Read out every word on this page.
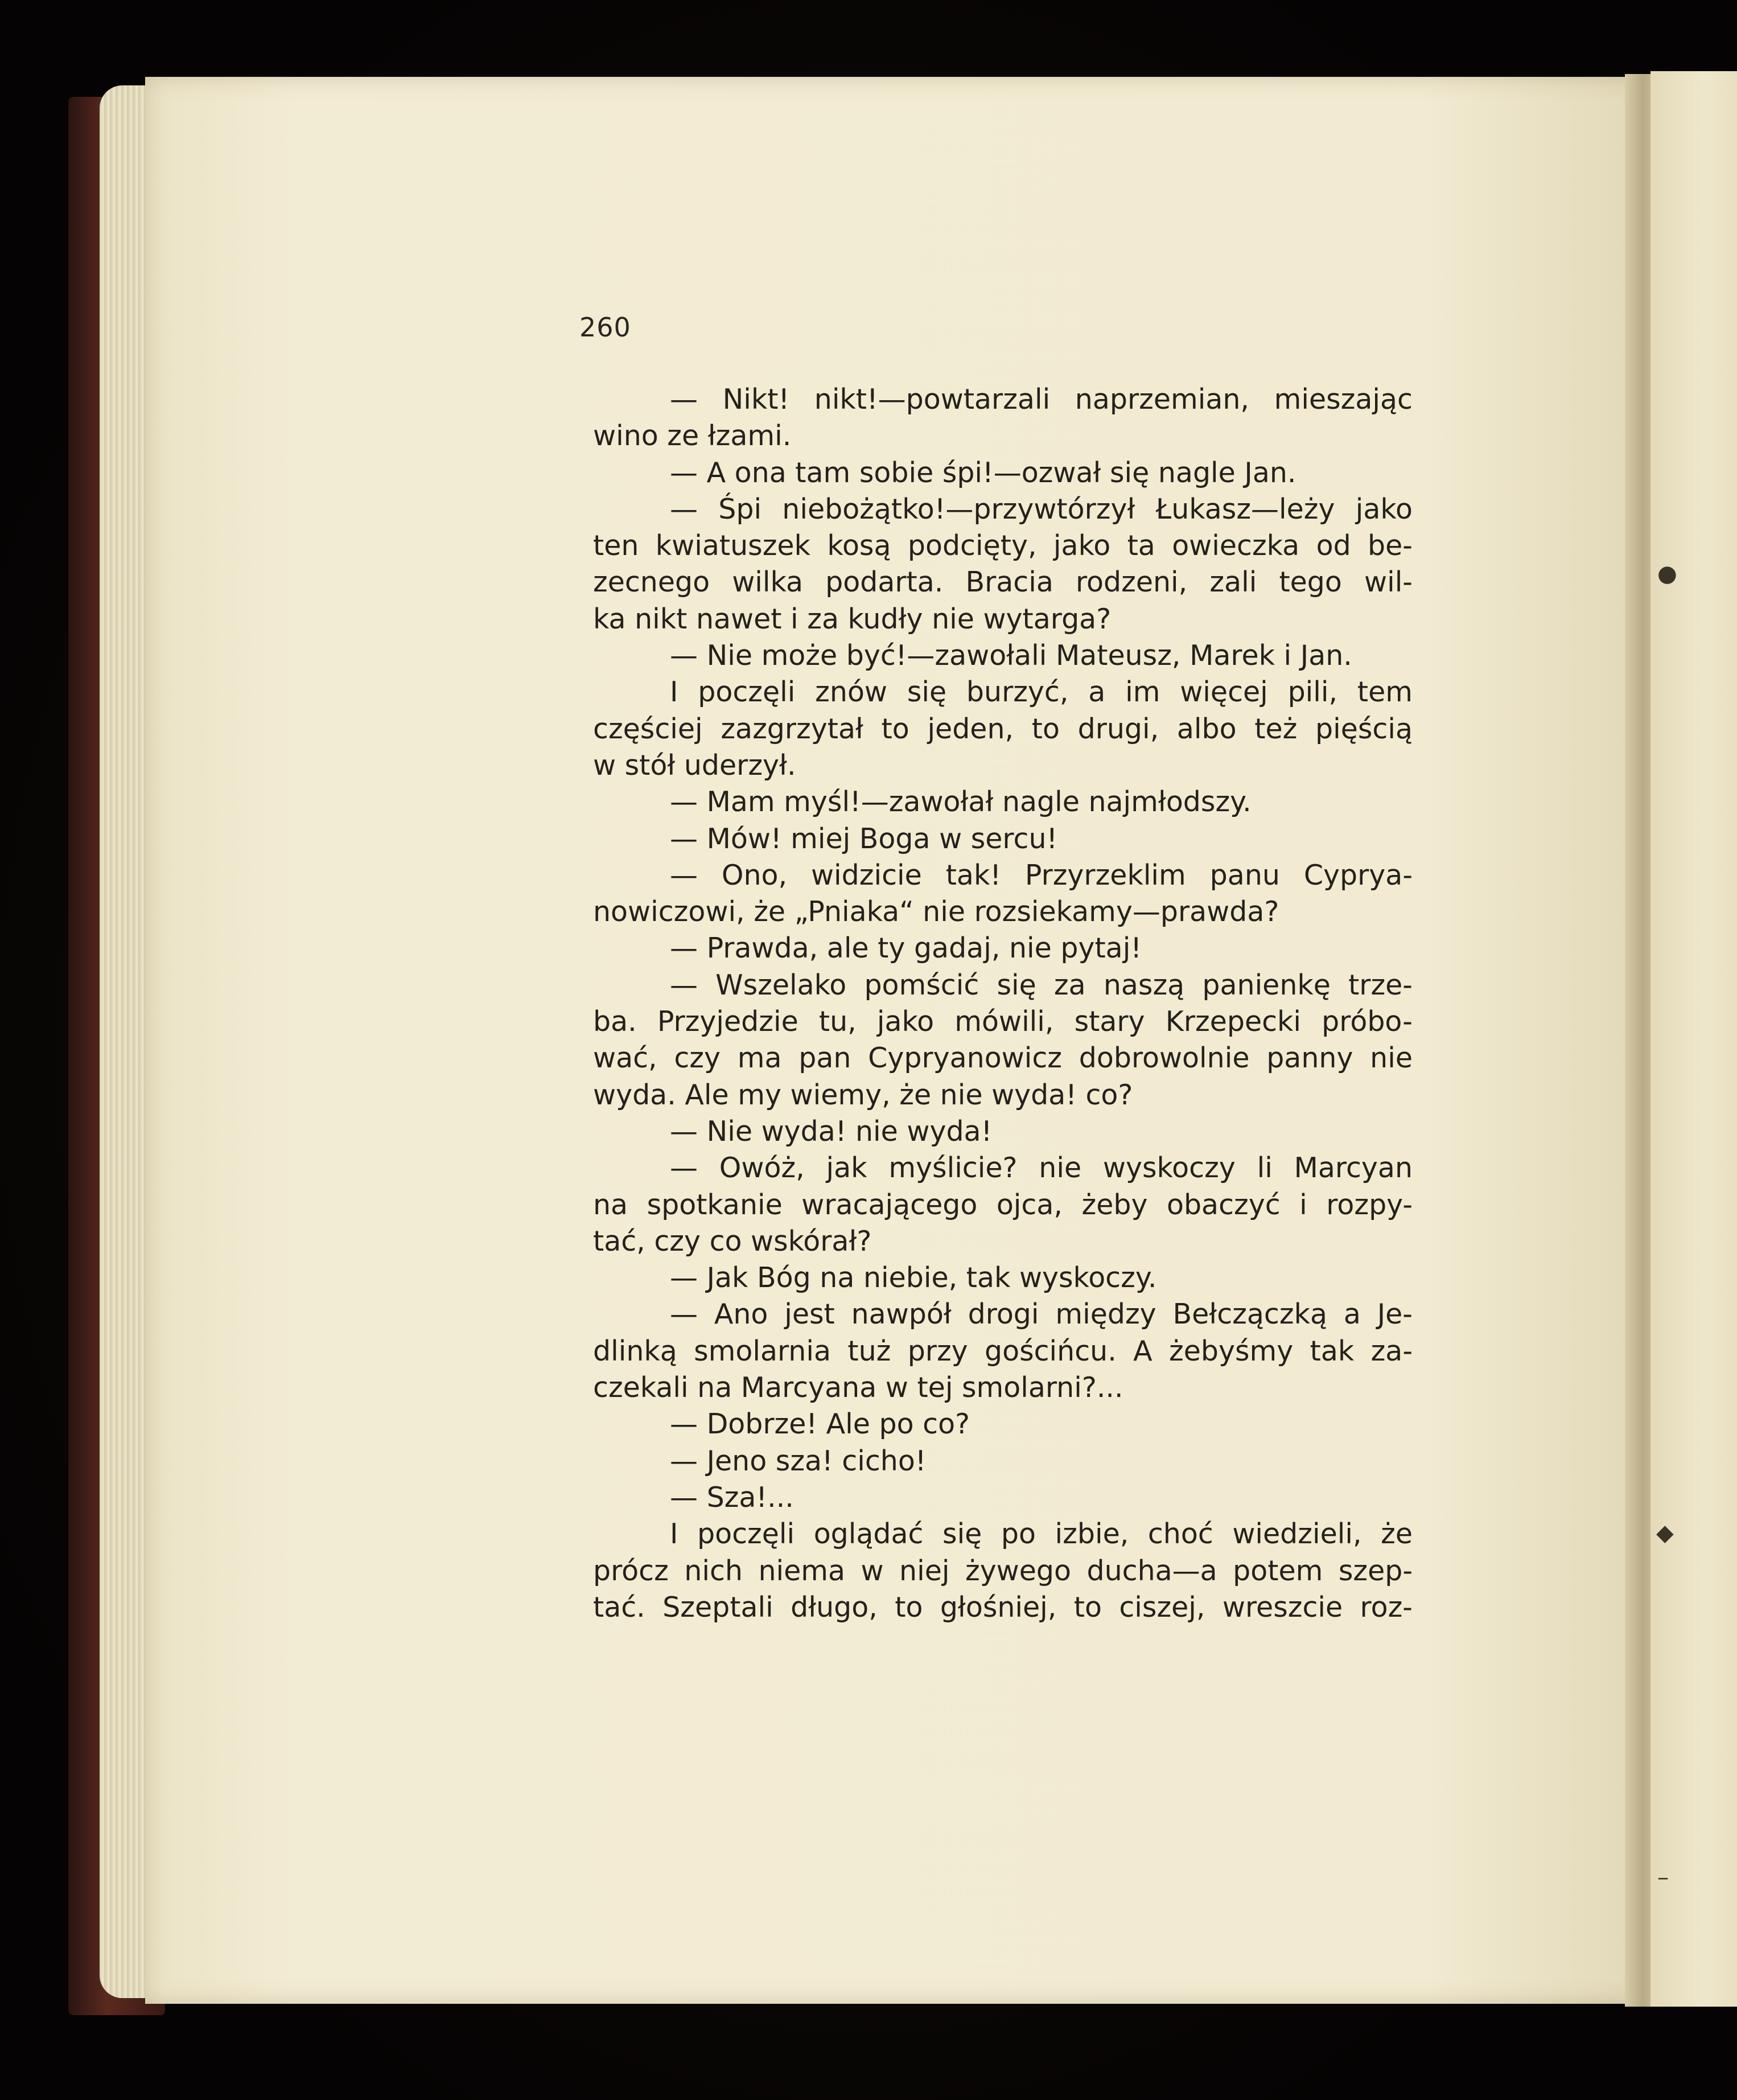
●
◆
–
260
— Nikt! nikt!—powtarzali naprzemian, mieszając
wino ze łzami.
— A ona tam sobie śpi!—ozwał się nagle Jan.
— Śpi niebożątko!—przywtórzył Łukasz—leży jako
ten kwiatuszek kosą podcięty, jako ta owieczka od be-
zecnego wilka podarta. Bracia rodzeni, zali tego wil-
ka nikt nawet i za kudły nie wytarga?
— Nie może być!—zawołali Mateusz, Marek i Jan.
I poczęli znów się burzyć, a im więcej pili, tem
częściej zazgrzytał to jeden, to drugi, albo też pięścią
w stół uderzył.
— Mam myśl!—zawołał nagle najmłodszy.
— Mów! miej Boga w sercu!
— Ono, widzicie tak! Przyrzeklim panu Cyprya-
nowiczowi, że „Pniaka“ nie rozsiekamy—prawda?
— Prawda, ale ty gadaj, nie pytaj!
— Wszelako pomścić się za naszą panienkę trze-
ba. Przyjedzie tu, jako mówili, stary Krzepecki próbo-
wać, czy ma pan Cypryanowicz dobrowolnie panny nie
wyda. Ale my wiemy, że nie wyda! co?
— Nie wyda! nie wyda!
— Owóż, jak myślicie? nie wyskoczy li Marcyan
na spotkanie wracającego ojca, żeby obaczyć i rozpy-
tać, czy co wskórał?
— Jak Bóg na niebie, tak wyskoczy.
— Ano jest nawpół drogi między Bełczączką a Je-
dlinką smolarnia tuż przy gościńcu. A żebyśmy tak za-
czekali na Marcyana w tej smolarni?...
— Dobrze! Ale po co?
— Jeno sza! cicho!
— Sza!...
I poczęli oglądać się po izbie, choć wiedzieli, że
prócz nich niema w niej żywego ducha—a potem szep-
tać. Szeptali długo, to głośniej, to ciszej, wreszcie roz-
